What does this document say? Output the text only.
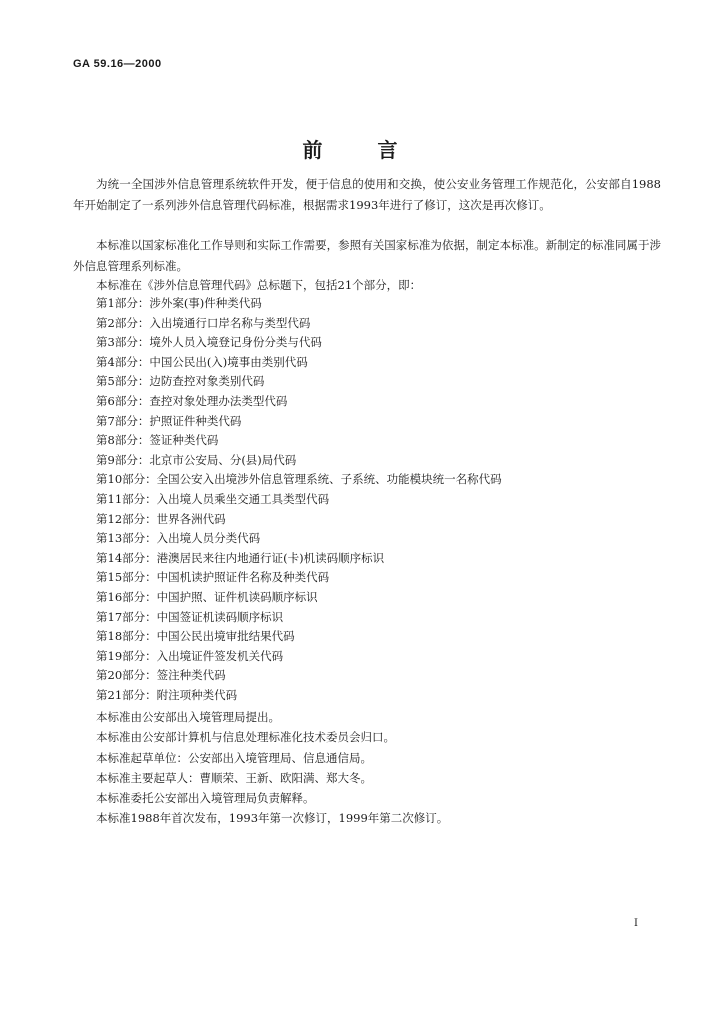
GA 59.16—2000
前言

为统一全国涉外信息管理系统软件开发，便于信息的使用和交换，使公安业务管理工作规范化，公安部自1988年开始制定了一系列涉外信息管理代码标准，根据需求1993年进行了修订，这次是再次修订。

本标准以国家标准化工作导则和实际工作需要，参照有关国家标准为依据，制定本标准。新制定的标准同属于涉外信息管理系列标准。

本标准在《涉外信息管理代码》总标题下，包括21个部分，即：

第1部分：涉外案(事)件种类代码
第2部分：入出境通行口岸名称与类型代码
第3部分：境外人员入境登记身份分类与代码
第4部分：中国公民出(入)境事由类别代码
第5部分：边防查控对象类别代码
第6部分：查控对象处理办法类型代码
第7部分：护照证件种类代码
第8部分：签证种类代码
第9部分：北京市公安局、分(县)局代码
第10部分：全国公安入出境涉外信息管理系统、子系统、功能模块统一名称代码
第11部分：入出境人员乘坐交通工具类型代码
第12部分：世界各洲代码
第13部分：入出境人员分类代码
第14部分：港澳居民来往内地通行证(卡)机读码顺序标识
第15部分：中国机读护照证件名称及种类代码
第16部分：中国护照、证件机读码顺序标识
第17部分：中国签证机读码顺序标识
第18部分：中国公民出境审批结果代码
第19部分：入出境证件签发机关代码
第20部分：签注种类代码
第21部分：附注项种类代码
本标准由公安部出入境管理局提出。
本标准由公安部计算机与信息处理标准化技术委员会归口。
本标准起草单位：公安部出入境管理局、信息通信局。
本标准主要起草人：曹顺荣、王新、欧阳满、郑大冬。
本标准委托公安部出入境管理局负责解释。
本标准1988年首次发布，1993年第一次修订，1999年第二次修订。
I
